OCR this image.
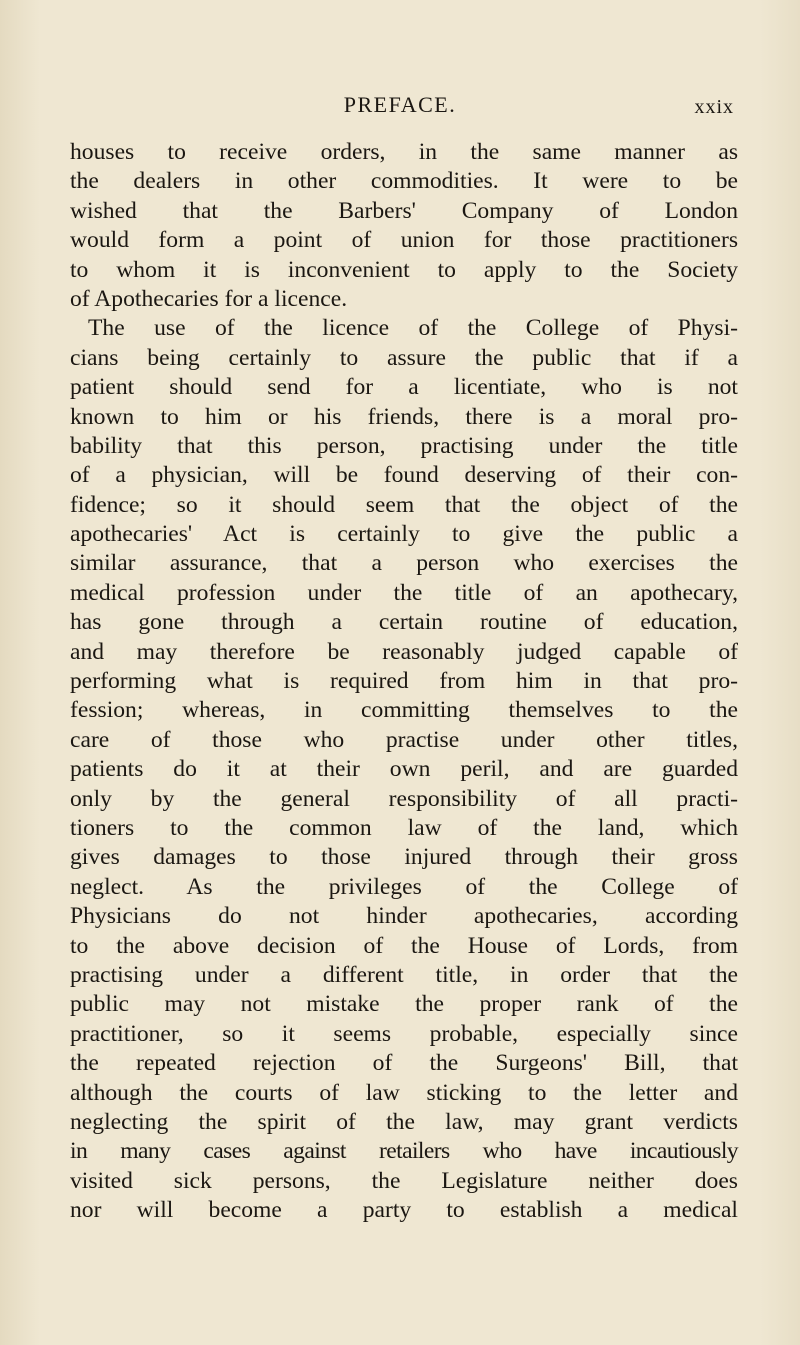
PREFACE.	xxix
houses to receive orders, in the same manner as
the dealers in other commodities. It were to be
wished that the Barbers' Company of London
would form a point of union for those practitioners
to whom it is inconvenient to apply to the Society
of Apothecaries for a licence.
The use of the licence of the College of Physi-
cians being certainly to assure the public that if a
patient should send for a licentiate, who is not
known to him or his friends, there is a moral pro-
bability that this person, practising under the title
of a physician, will be found deserving of their con-
fidence; so it should seem that the object of the
apothecaries' Act is certainly to give the public a
similar assurance, that a person who exercises the
medical profession under the title of an apothecary,
has gone through a certain routine of education,
and may therefore be reasonably judged capable of
performing what is required from him in that pro-
fession; whereas, in committing themselves to the
care of those who practise under other titles,
patients do it at their own peril, and are guarded
only by the general responsibility of all practi-
tioners to the common law of the land, which
gives damages to those injured through their gross
neglect. As the privileges of the College of
Physicians do not hinder apothecaries, according
to the above decision of the House of Lords, from
practising under a different title, in order that the
public may not mistake the proper rank of the
practitioner, so it seems probable, especially since
the repeated rejection of the Surgeons' Bill, that
although the courts of law sticking to the letter and
neglecting the spirit of the law, may grant verdicts
in many cases against retailers who have incautiously
visited sick persons, the Legislature neither does
nor will become a party to establish a medical
